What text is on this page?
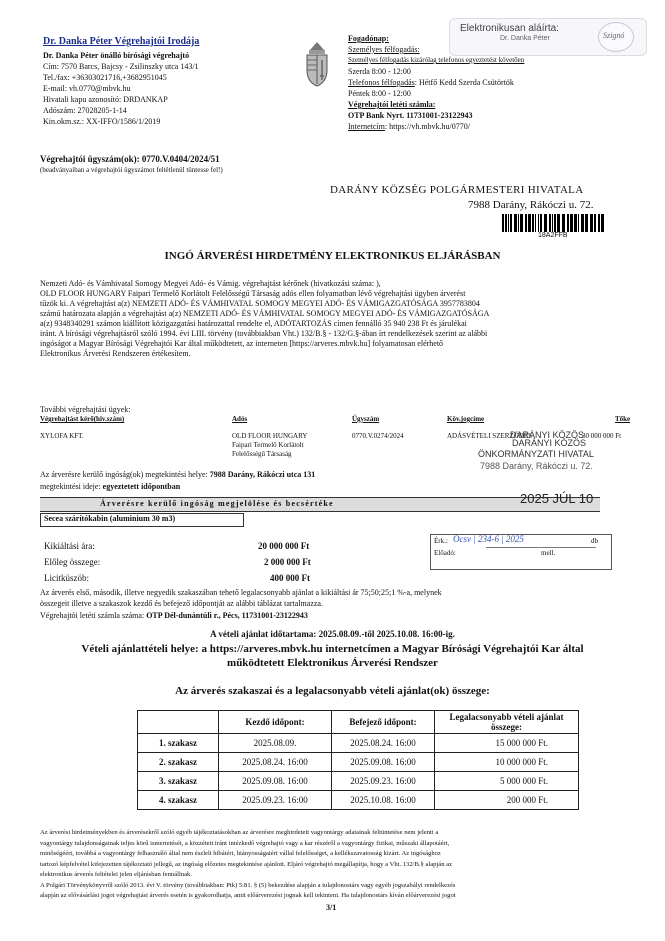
Dr. Danka Péter Végrehajtói Irodája
Dr. Danka Péter önálló bírósági végrehajtó
Cím: 7570 Barcs, Bajcsy - Zsilinszky utca 143/1
Tel./fax: +36303021716,+3682951045
E-mail: vh.0770@mbvk.hu
Hivatali kapu azonosító: DRDANKAP
Adószám: 27028205-1-14
Kin.okm.sz.: XX-IFFO/1586/1/2019
Fogadónap:
Személyes félfogadás:
Személyes félfogadás kizárólag telefonos egyeztetést követően
Szerda 8:00 - 12:00
Telefonos félfogadás: Hétfő Kedd Szerda Csütörtök
Péntek 8:00 - 12:00
Végrehajtói letéti számla:
OTP Bank Nyrt. 11731001-23122943
Internetcím: https://vh.mbvk.hu/0770/
Elektronikusan aláírta:
Dr. Danka Péter	Szignó
Végrehajtói ügyszám(ok): 0770.V.0404/2024/51
(beadványaiban a végrehajtói ügyszámot feltétlenül tüntesse fel!)
DARÁNY KÖZSÉG POLGÁRMESTERI HIVATALA
7988 Darány, Rákóczi u. 72.
18A2FFB
INGÓ ÁRVERÉSI HIRDETMÉNY ELEKTRONIKUS ELJÁRÁSBAN
Nemzeti Adó- és Vámhivatal Somogy Megyei Adó- és Vámig. végrehajtást kérőnek (hivatkozási száma: ),
OLD FLOOR HUNGARY Faipari Termelő Korlátolt Felelősségű Társaság adós ellen folyamatban lévő végrehajtási ügyben árverést
tűzök ki. A végrehajtást a(z) NEMZETI ADÓ- ÉS VÁMHIVATAL SOMOGY MEGYEI ADÓ- ÉS VÁMIGAZGATÓSÁGA 3957783804
számú határozata alapján a végrehajtást a(z) NEMZETI ADÓ- ÉS VÁMHIVATAL SOMOGY MEGYEI ADÓ- ÉS VÁMIGAZGATÓSÁGA
a(z) 9348340291 számon kiállított közigazgatási határozattal rendelte el, ADÓTARTOZÁS címen fennálló 35 940 238 Ft és járulékai
iránt. A bírósági végrehajtásról szóló 1994. évi LIII. törvény (továbbiakban Vht.) 132/B.§ - 132/G.§-ában írt rendelkezések szerint az alábbi
ingóságot a Magyar Bírósági Végrehajtói Kar által működtetett, az interneten [https://arveres.mbvk.hu] folyamatosan elérhető
Elektronikus Árverési Rendszeren értékesítem.
További végrehajtási ügyek:
Végrehajtást kérő(hiv.szám)	Adós	Ügyszám	Köv.jogcíme	Tőke
XYLOFA KFT.	OLD FLOOR HUNGARY
Faipari Termelő Korlátolt
Felelősségű Társaság
0770.V.0274/2024	ADÁSVÉTELI SZERZŐDÉS	30 000 000 Ft
Az árverésre kerülő ingóság(ok) megtekintési helye: 7988 Darány, Rákóczi utca 131
megtekintési ideje: egyeztetett időpontban
Árverésre kerülő ingóság megjelölése és becsértéke
Secea szárítókabin (aluminium 30 m3)
2025 JÚL 10
DARÁNYI KÖZÖS
Érk.: Ocsv | 234-6 | 2025
Előadó:	mell.
db
DARÁNYI KÖZÖS
ÖNKORMÁNYZATI HIVATAL
7988 Darány, Rákóczi u. 72.
Kikiáltási ára:	20 000 000 Ft
Előleg összege:	2 000 000 Ft
Licitküszöb:	400 000 Ft
Az árverés első, második, illetve negyedik szakaszában tehető legalacsonyabb ajánlat a kikiáltási ár 75;50;25;1 %-a, melynek
összegeit illetve a szakaszok kezdő és befejező időpontját az alábbi táblázat tartalmazza.
Végrehajtói letéti számla száma: OTP Dél-dunántúli r., Pécs, 11731001-23122943
A vételi ajánlat időtartama: 2025.08.09.-től 2025.10.08. 16:00-ig.
Vételi ajánlattételi helye: a https://arveres.mbvk.hu internetcímen a Magyar Bírósági Végrehajtói Kar által
működtetett Elektronikus Árverési Rendszer
Az árverés szakaszai és a legalacsonyabb vételi ajánlat(ok) összege:
	Kezdő időpont:	Befejező időpont:	Legalacsonyabb vételi ajánlat összege:
1. szakasz	2025.08.09.	2025.08.24. 16:00	15 000 000 Ft.
2. szakasz	2025.08.24. 16:00	2025.09.08. 16:00	10 000 000 Ft.
3. szakasz	2025.09.08. 16:00	2025.09.23. 16:00	5 000 000 Ft.
4. szakasz	2025.09.23. 16:00	2025.10.08. 16:00	200 000 Ft.
Az árverési hirdetményekben és árverésekről szóló egyéb tájékoztatásokban az árverésre meghirdetett vagyontárgy adatainak feltüntetése nem jelenti a
vagyontárgy tulajdonságainak teljes körű ismertetését, a közzétett iránt intézkedő végrehajtó vagy a kar részéről a vagyontárgy fizikai, műszaki állapotáért,
minőségéért, továbbá a vagyontárgy felhasználó által nem észlelt hibáiért, hiányosságaiért vállal felelősséget, a kellékszavatosság kizárt. Az ingósághoz
tartozó képfelvétel kifejezetten tájékoztató jellegű, az ingóság előzetes megtekintése ajánlott. Eljáró végrehajtó megállapítja, hogy a Vht. 132/B.§ alapján az
elektronikus árverés feltételei jelen eljárásban fennállnak.
A Polgári Törvénykönyvről szóló 2013. évi V. törvény (továbbiakban: Ptk) 5:81. § (5) bekezdése alapján a tulajdonostárs vagy egyéb jogszabályi rendelkezés
alapján az elővásárlási jogot végrehajtási árverés esetén is gyakorolhatja, amit előárverezési jognak kell tekinteni. Ha tulajdonostárs kíván előárverezési jogot
3/1
